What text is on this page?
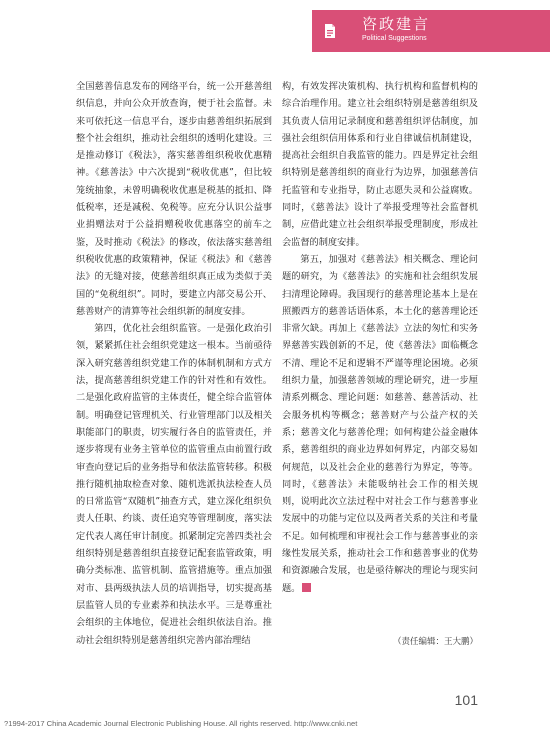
咨政建言
Political Suggestions

全国慈善信息发布的网络平台，统一公开慈善组织信息，并向公众开放查询，便于社会监督。未来可依托这一信息平台，逐步由慈善组织拓展到整个社会组织，推动社会组织的透明化建设。三是推动修订《税法》，落实慈善组织税收优惠精神。《慈善法》中六次提到“税收优惠”，但比较笼统抽象，未曾明确税收优惠是税基的抵扣、降低税率，还是减税、免税等。应充分认识公益事业捐赠法对于公益捐赠税收优惠落空的前车之鉴，及时推动《税法》的修改，依法落实慈善组织税收优惠的政策精神，保证《税法》和《慈善法》的无缝对接，使慈善组织真正成为类似于美国的“免税组织”。同时，要建立内部交易公开、慈善财产的清算等社会组织新的制度安排。

第四，优化社会组织监管。一是强化政治引领，紧紧抓住社会组织党建这一根本。当前亟待深入研究慈善组织党建工作的体制机制和方式方法，提高慈善组织党建工作的针对性和有效性。二是强化政府监管的主体责任，健全综合监管体制。明确登记管理机关、行业管理部门以及相关职能部门的职责，切实履行各自的监管责任，并逐步将现有业务主管单位的监管重点由前置行政审查向登记后的业务指导和依法监管转移。积极推行随机抽取检查对象、随机选派执法检查人员的日常监管“双随机”抽查方式，建立深化组织负责人任职、约谈、责任追究等管理制度，落实法定代表人离任审计制度。抓紧制定完善四类社会组织特别是慈善组织直接登记配套监管政策，明确分类标准、监管机制、监管措施等。重点加强对市、县两级执法人员的培训指导，切实提高基层监管人员的专业素养和执法水平。三是尊重社会组织的主体地位，促进社会组织依法自治。推动社会组织特别是慈善组织完善内部治理结

构，有效发挥决策机构、执行机构和监督机构的综合治理作用。建立社会组织特别是慈善组织及其负责人信用记录制度和慈善组织评估制度，加强社会组织信用体系和行业自律诚信机制建设，提高社会组织自我监管的能力。四是界定社会组织特别是慈善组织的商业行为边界，加强慈善信托监管和专业指导，防止志愿失灵和公益腐败。同时，《慈善法》设计了举报受理等社会监督机制，应借此建立社会组织举报受理制度，形成社会监督的制度安排。

第五，加强对《慈善法》相关概念、理论问题的研究，为《慈善法》的实施和社会组织发展扫清理论障碍。我国现行的慈善理论基本上是在照搬西方的慈善话语体系，本土化的慈善理论还非常欠缺。再加上《慈善法》立法的匆忙和实务界慈善实践创新的不足，使《慈善法》面临概念不清、理论不足和逻辑不严谨等理论困境。必须组织力量，加强慈善领域的理论研究，进一步厘清系列概念、理论问题：如慈善、慈善活动、社会服务机构等概念；慈善财产与公益产权的关系；慈善文化与慈善伦理；如何构建公益金融体系，慈善组织的商业边界如何界定，内部交易如何规范，以及社会企业的慈善行为界定，等等。同时，《慈善法》未能吸纳社会工作的相关规则，说明此次立法过程中对社会工作与慈善事业发展中的功能与定位以及两者关系的关注和考量不足。如何梳理和审视社会工作与慈善事业的亲缘性发展关系，推动社会工作和慈善事业的优势和资源融合发展，也是亟待解决的理论与现实问题。

（责任编辑：王大鹏）
101
?1994-2017 China Academic Journal Electronic Publishing House. All rights reserved. http://www.cnki.net
